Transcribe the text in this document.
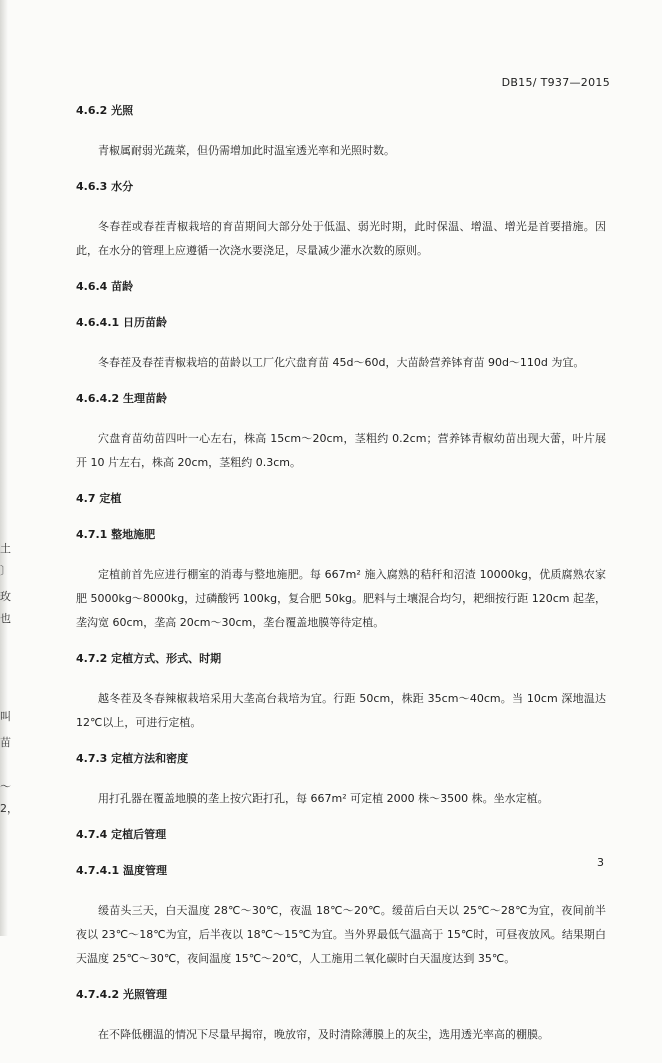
DB15/ T937—2015
4.6.2 光照
青椒属耐弱光蔬菜，但仍需增加此时温室透光率和光照时数。
4.6.3 水分
冬春茬或春茬青椒栽培的育苗期间大部分处于低温、弱光时期，此时保温、增温、增光是首要措施。因此，在水分的管理上应遵循一次浇水要浇足，尽量减少灌水次数的原则。
4.6.4 苗龄
4.6.4.1 日历苗龄
冬春茬及春茬青椒栽培的苗龄以工厂化穴盘育苗 45d～60d，大苗龄营养钵育苗 90d～110d 为宜。
4.6.4.2 生理苗龄
穴盘育苗幼苗四叶一心左右，株高 15cm～20cm，茎粗约 0.2cm；营养钵青椒幼苗出现大蕾，叶片展开 10 片左右，株高 20cm，茎粗约 0.3cm。
4.7 定植
4.7.1 整地施肥
定植前首先应进行棚室的消毒与整地施肥。每 667m² 施入腐熟的秸秆和沼渣 10000kg，优质腐熟农家肥 5000kg～8000kg，过磷酸钙 100kg，复合肥 50kg。肥料与土壤混合均匀，耙细按行距 120cm 起垄，垄沟宽 60cm，垄高 20cm～30cm，垄台覆盖地膜等待定植。
4.7.2 定植方式、形式、时期
越冬茬及冬春辣椒栽培采用大垄高台栽培为宜。行距 50cm，株距 35cm～40cm。当 10cm 深地温达 12℃以上，可进行定植。
4.7.3 定植方法和密度
用打孔器在覆盖地膜的垄上按穴距打孔，每 667m² 可定植 2000 株～3500 株。坐水定植。
4.7.4 定植后管理
4.7.4.1 温度管理
缓苗头三天，白天温度 28℃～30℃，夜温 18℃～20℃。缓苗后白天以 25℃～28℃为宜，夜间前半夜以 23℃～18℃为宜，后半夜以 18℃～15℃为宜。当外界最低气温高于 15℃时，可昼夜放风。结果期白天温度 25℃～30℃，夜间温度 15℃～20℃，人工施用二氧化碳时白天温度达到 35℃。
4.7.4.2 光照管理
在不降低棚温的情况下尽量早揭帘，晚放帘，及时清除薄膜上的灰尘，选用透光率高的棚膜。
土
〕
玫
也
叫
苗
～
2，
3
